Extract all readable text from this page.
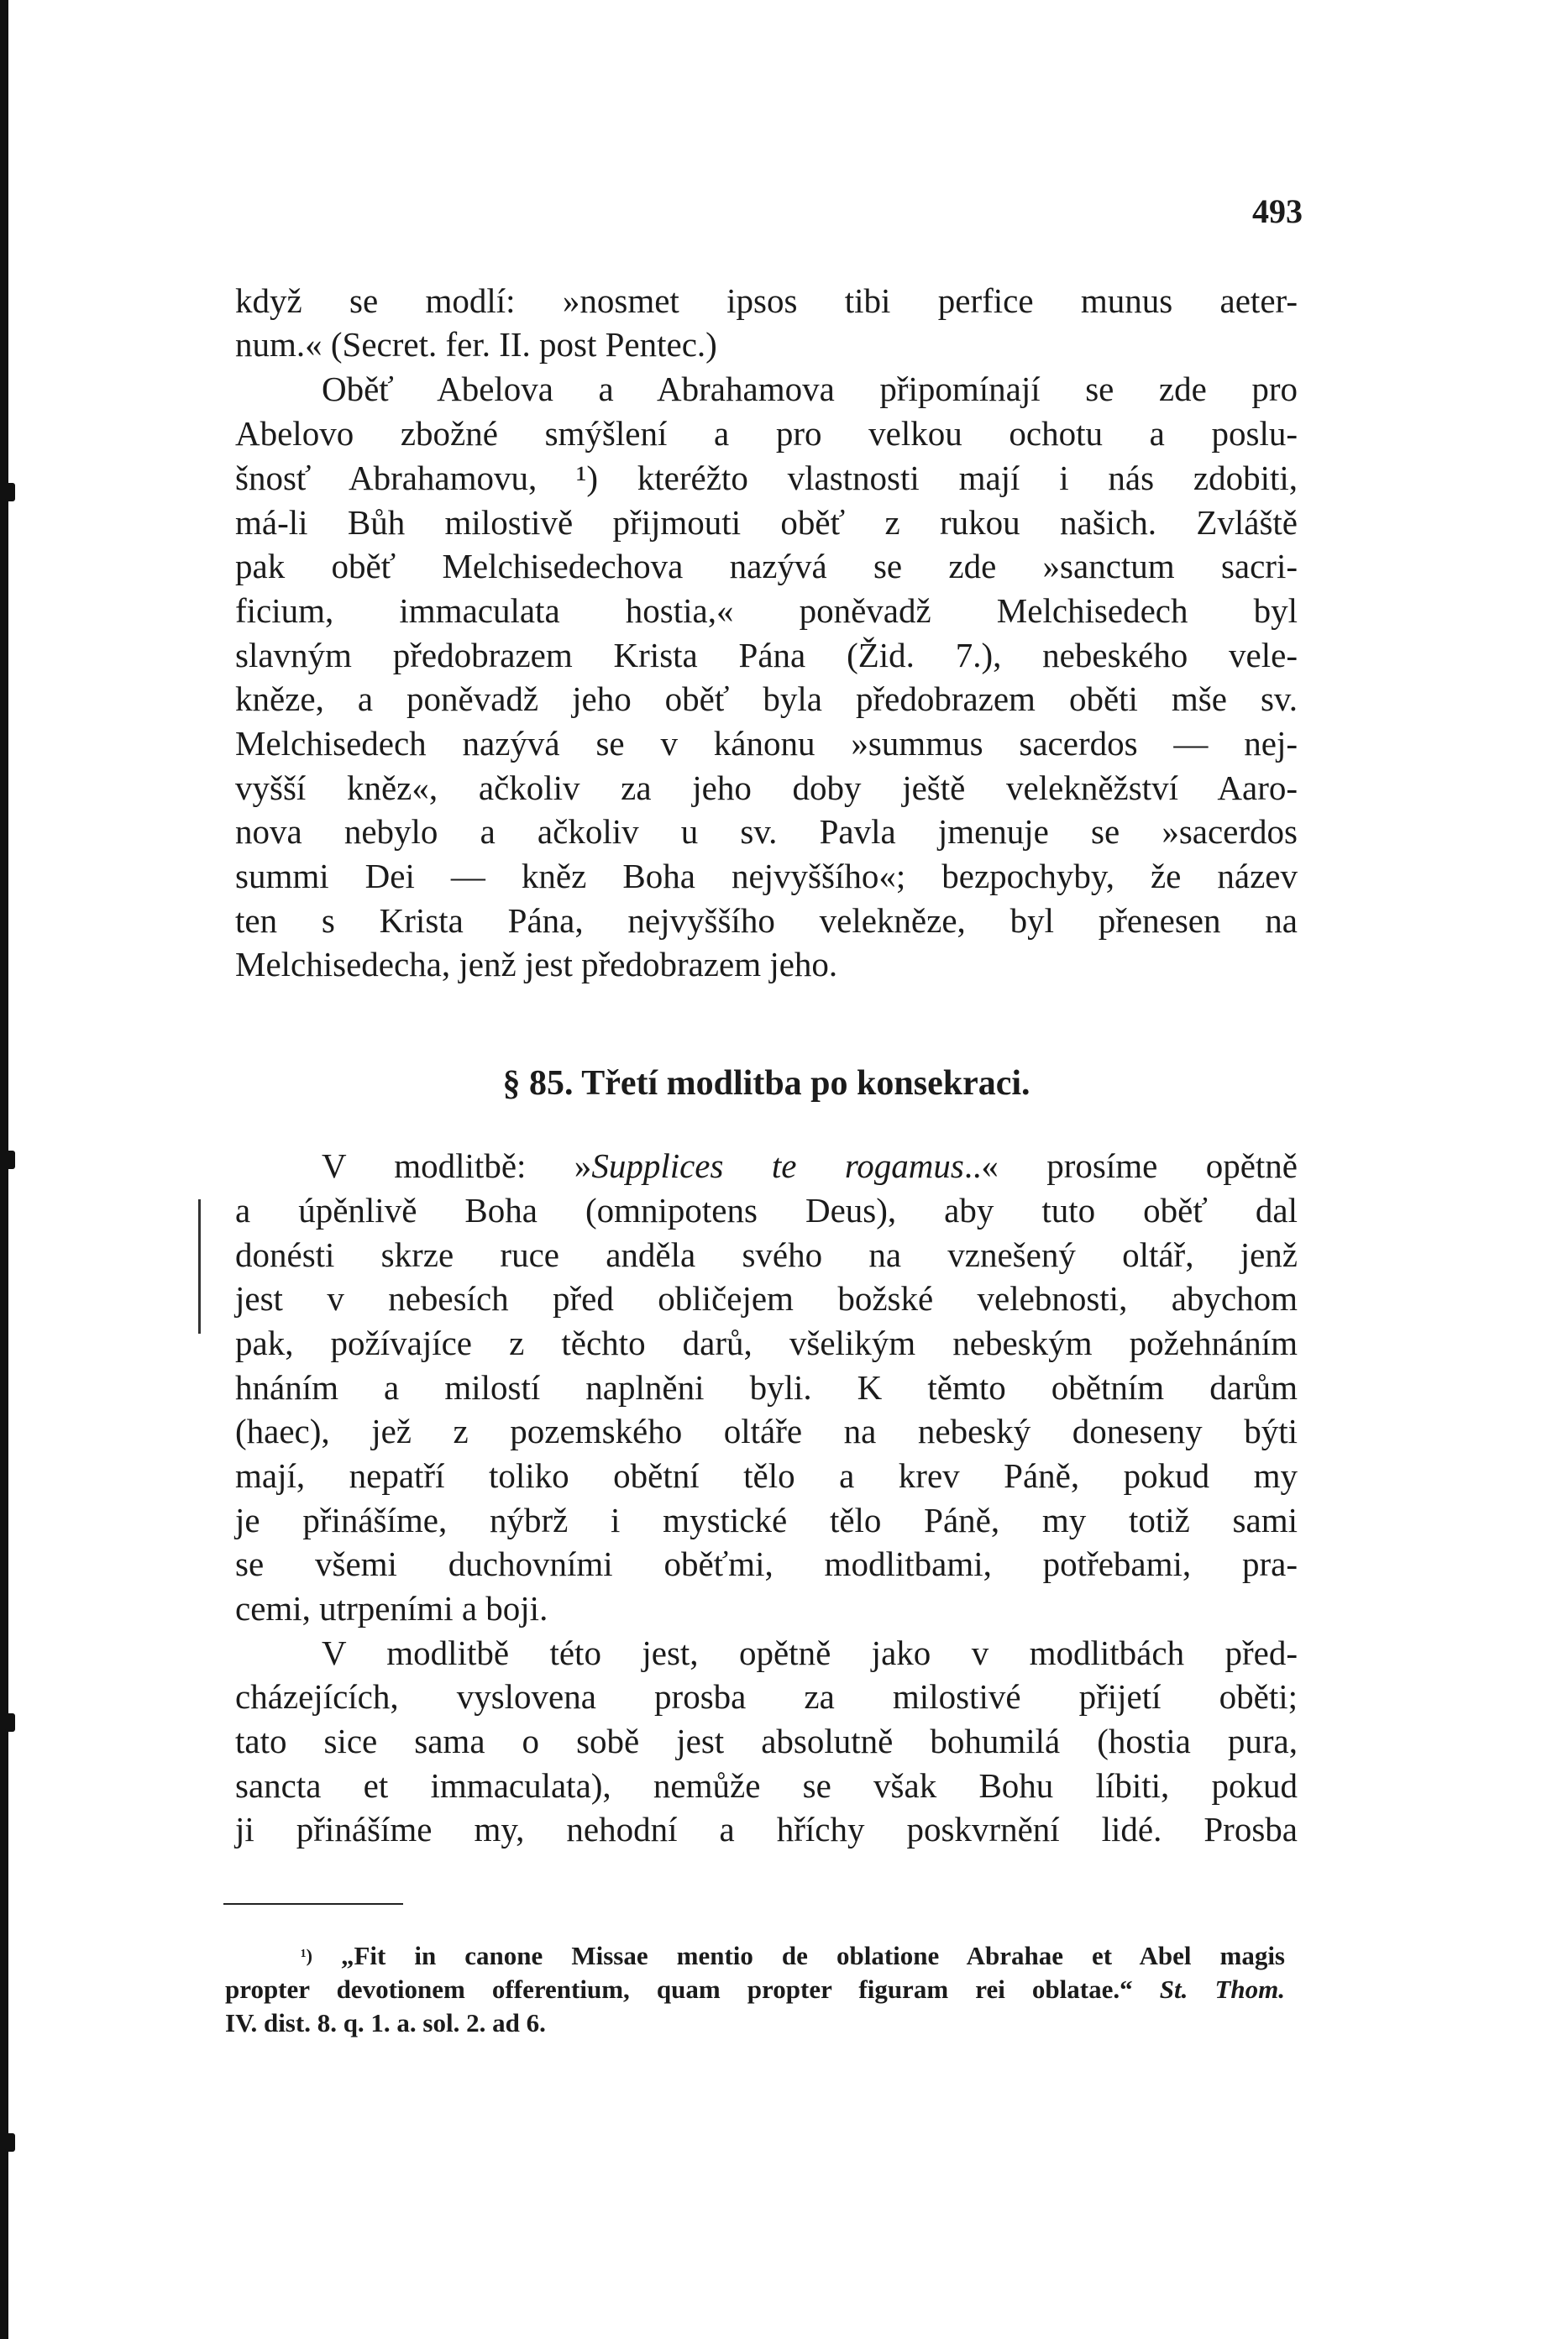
493
když se modlí: »nosmet ipsos tibi perfice munus aeter-
num.« (Secret. fer. II. post Pentec.)
Oběť Abelova a Abrahamova připomínají se zde pro
Abelovo zbožné smýšlení a pro velkou ochotu a poslu-
šnosť Abrahamovu, ¹) kteréžto vlastnosti mají i nás zdobiti,
má-li Bůh milostivě přijmouti oběť z rukou našich. Zvláště
pak oběť Melchisedechova nazývá se zde »sanctum sacri-
ficium, immaculata hostia,« poněvadž Melchisedech byl
slavným předobrazem Krista Pána (Žid. 7.), nebeského vele-
kněze, a poněvadž jeho oběť byla předobrazem oběti mše sv.
Melchisedech nazývá se v kánonu »summus sacerdos — nej-
vyšší kněz«, ačkoliv za jeho doby ještě velekněžství Aaro-
nova nebylo a ačkoliv u sv. Pavla jmenuje se »sacerdos
summi Dei — kněz Boha nejvyššího«; bezpochyby, že název
ten s Krista Pána, nejvyššího velekněze, byl přenesen na
Melchisedecha, jenž jest předobrazem jeho.
§ 85. Třetí modlitba po konsekraci.
V modlitbě: »Supplices te rogamus..« prosíme opětně
a úpěnlivě Boha (omnipotens Deus), aby tuto oběť dal
donésti skrze ruce anděla svého na vznešený oltář, jenž
jest v nebesích před obličejem božské velebnosti, abychom
pak, požívajíce z těchto darů, všelikým nebeským požehnáním
hnáním a milostí naplněni byli. K těmto obětním darům
(haec), jež z pozemského oltáře na nebeský doneseny býti
mají, nepatří toliko obětní tělo a krev Páně, pokud my
je přinášíme, nýbrž i mystické tělo Páně, my totiž sami
se všemi duchovními oběťmi, modlitbami, potřebami, pra-
cemi, utrpeními a boji.
V modlitbě této jest, opětně jako v modlitbách před-
cházejících, vyslovena prosba za milostivé přijetí oběti;
tato sice sama o sobě jest absolutně bohumilá (hostia pura,
sancta et immaculata), nemůže se však Bohu líbiti, pokud
ji přinášíme my, nehodní a hříchy poskvrnění lidé. Prosba
$^{^1)}$ „Fit in canone Missae mentio de oblatione Abrahae et Abel magis
propter devotionem offerentium, quam propter figuram rei oblatae.“ St. Thom.
IV. dist. 8. q. 1. a. sol. 2. ad 6.
